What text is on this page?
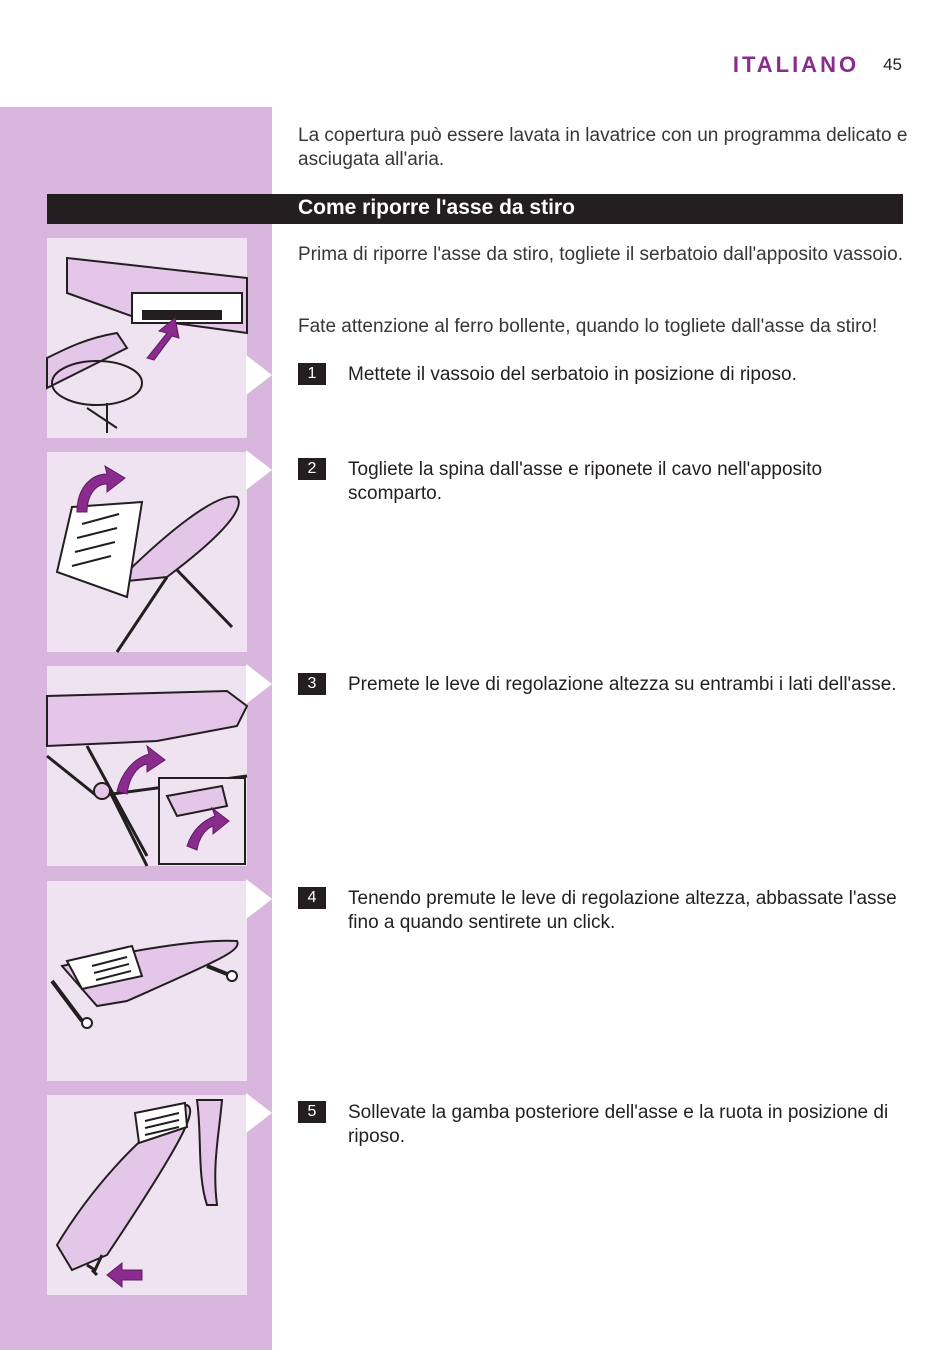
ITALIANO 45
La copertura può essere lavata in lavatrice con un programma delicato e asciugata all'aria.
Come riporre l'asse da stiro
Prima di riporre l'asse da stiro, togliete il serbatoio dall'apposito vassoio.
Fate attenzione al ferro bollente, quando lo togliete dall'asse da stiro!
1	Mettete il vassoio del serbatoio in posizione di riposo.
2	Togliete la spina dall'asse e riponete il cavo nell'apposito scomparto.
3	Premete le leve di regolazione altezza su entrambi i lati dell'asse.
4	Tenendo premute le leve di regolazione altezza, abbassate l'asse fino a quando sentirete un click.
5	Sollevate la gamba posteriore dell'asse e la ruota in posizione di riposo.
